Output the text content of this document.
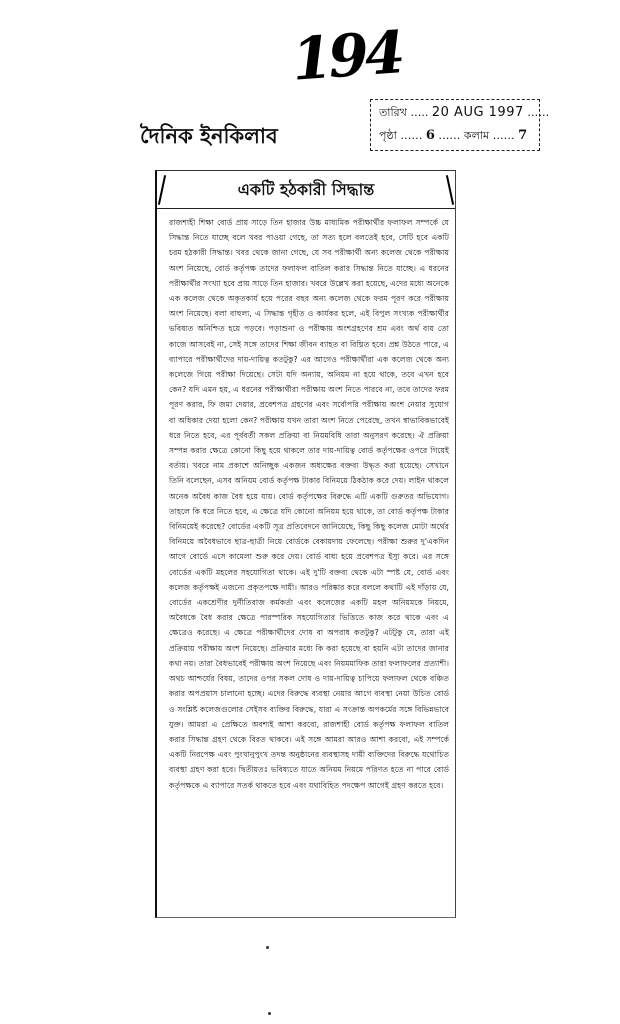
194
দৈনিক ইনকিলাব
তারিখ ….. 20 AUG 1997 ……
পৃষ্ঠা …… 6 …… কলাম …… 7
একটি হঠকারী সিদ্ধান্ত

রাজশাহী শিক্ষা বোর্ড প্রায় সাড়ে তিন হাজার উচ্চ মাধ্যমিক পরীক্ষার্থীর ফলাফল সম্পর্কে যে সিদ্ধান্ত নিতে যাচ্ছে বলে খবর পাওয়া গেছে, তা সত্য হলে বলতেই হবে, সেটি হবে একটি চরম হঠকারী সিদ্ধান্ত। খবর থেকে জানা গেছে, যে সব পরীক্ষার্থী অন্য কলেজ থেকে পরীক্ষায় অংশ নিয়েছে, বোর্ড কর্তৃপক্ষ তাদের ফলাফল বাতিল করার সিদ্ধান্ত নিতে যাচ্ছে। এ ধরনের পরীক্ষার্থীর সংখ্যা হবে প্রায় সাড়ে তিন হাজার। খবরে উল্লেখ করা হয়েছে, এদের মধ্যে অনেকে এক কলেজ থেকে অকৃতকার্য হয়ে পরের বছর অন্য কলেজ থেকে ফরম পূরণ করে পরীক্ষায় অংশ নিয়েছে। বলা বাহুল্য, এ সিদ্ধান্ত গৃহীত ও কার্যকর হলে, এই বিপুল সংখ্যক পরীক্ষার্থীর ভবিষ্যত অনিশ্চিত হয়ে পড়বে। পড়াশুনা ও পরীক্ষায় অংশগ্রহণের শ্রম এবং অর্থ ব্যয় তো কাজে আসবেই না, সেই সঙ্গে তাদের শিক্ষা জীবন ব্যাহত বা বিঘ্নিত হবে। প্রশ্ন উঠতে পারে, এ ব্যাপারে পরীক্ষার্থীদের দায়-দায়িত্ব কতটুকু? এর আগেও পরীক্ষার্থীরা এক কলেজ থেকে অন্য কলেজে গিয়ে পরীক্ষা দিয়েছে। সেটা যদি অন্যায়, অনিয়ম না হয়ে থাকে, তবে এখন হবে কেন? যদি এমন হয়, এ ধরনের পরীক্ষার্থীরা পরীক্ষায় অংশ নিতে পারবে না, তবে তাদের ফরম পূরণ করার, ফি জমা দেয়ার, প্রবেশপত্র গ্রহণের এবং সর্বোপরি পরীক্ষায় অংশ নেয়ার সুযোগ বা অধিকার দেয়া হলো কেন? পরীক্ষায় যখন তারা অংশ নিতে পেরেছে, তখন স্বাভাবিকভাবেই ধরে নিতে হবে, এর পূর্ববর্তী সকল প্রক্রিয়া বা নিয়মবিধি তারা অনুসরণ করেছে। ঐ প্রক্রিয়া সম্পন্ন করার ক্ষেত্রে কোনো কিছু হয়ে থাকলে তার দায়-দায়িত্ব বোর্ড কর্তৃপক্ষের ওপরে গিয়েই বর্তায়। খবরে নাম প্রকাশে অনিচ্ছুক একজন অধ্যক্ষের বক্তব্য উদ্ধৃত করা হয়েছে। সেখানে তিনি বলেছেন, এসব অনিয়ম বোর্ড কর্তৃপক্ষ টাকার বিনিময়ে ঠিকঠাক করে দেয়। লাইন থাকলে অনেক অবৈধ কাজ বৈধ হয়ে যায়। বোর্ড কর্তৃপক্ষের বিরুদ্ধে এটি একটি গুরুতর অভিযোগ। তাহলে কি ধরে নিতে হবে, এ ক্ষেত্রে যদি কোনো অনিয়ম হয়ে থাকে, তা বোর্ড কর্তৃপক্ষ টাকার বিনিময়েই করেছে? বোর্ডের একটি সূত্র প্রতিবেদনে জানিয়েছে, কিছু কিছু কলেজ মোটা অর্থের বিনিময়ে অবৈধভাবে ছাত্র-ছাত্রী নিয়ে বোর্ডকে বেকায়দায় ফেলেছে। পরীক্ষা শুরুর দু'একদিন আগে বোর্ডে এসে কামেলা শুরু করে দেয়। বোর্ড বাধ্য হয়ে প্রবেশপত্র ইস্যু করে। এর সঙ্গে বোর্ডের একটি মহলের সহযোগিতা থাকে। এই দু'টি বক্তব্য থেকে এটা স্পষ্ট যে, বোর্ড এবং কলেজ কর্তৃপক্ষই এজন্যে প্রকৃতপক্ষে দায়ী। আরও পরিষ্কার করে বললে কথাটি এই দাঁড়ায় যে, বোর্ডের একশ্রেণীর দুর্নীতিবাজ কর্মকর্তা এবং কলেজের একটি মহল অনিয়মকে নিয়মে, অবৈধকে বৈধ করার ক্ষেত্রে পারস্পরিক সহযোগিতার ভিত্তিতে কাজ করে থাকে এবং এ ক্ষেত্রেও করেছে। এ ক্ষেত্রে পরীক্ষার্থীদের দোষ বা অপরাধ কতটুকু? এটটুকু যে, তারা এই প্রক্রিয়ায় পরীক্ষায় অংশ নিয়েছে। প্রক্রিয়ার মধ্যে কি করা হয়েছে বা হয়নি এটা তাদের জানার কথা নয়। তারা বৈধভাবেই পরীক্ষায় অংশ নিয়েছে এবং নিয়মমাফিক তারা ফলাফলের প্রত্যাশী। অথচ আশ্চর্যের বিষয়, তাদের ওপর সকল দোষ ও দায়-দায়িত্ব চাপিয়ে ফলাফল থেকে বঞ্চিত করার অপপ্রয়াস চালানো হচ্ছে। এদের বিরুদ্ধে ব্যবস্থা নেয়ার আগে ব্যবস্থা নেয়া উচিত বোর্ড ও সংশ্লিষ্ট কলেজগুলোর সেইসব ব্যক্তির বিরুদ্ধে, যারা এ সংক্রান্ত অপকর্মের সঙ্গে বিভিন্নভাবে যুক্ত। আমরা এ প্রেক্ষিতে অবশ্যই আশা করবো, রাজশাহী বোর্ড কর্তৃপক্ষ ফলাফল বাতিল করার সিদ্ধান্ত গ্রহণ থেকে বিরত থাকবে। এই সঙ্গে আমরা আরও আশা করবো, এই সম্পর্কে একটি নিরপেক্ষ এবং পুংখানুপুংখ তদন্ত অনুষ্ঠানের ব্যবস্থাসহ দায়ী ব্যক্তিদের বিরুদ্ধে যথোচিত ব্যবস্থা গ্রহণ করা হবে। দ্বিতীয়তঃ ভবিষ্যতে যাতে অনিয়ম নিয়মে পরিণত হতে না পারে বোর্ড কর্তৃপক্ষকে এ ব্যাপারে সতর্ক থাকতে হবে এবং যথাবিহিত পদক্ষেপ আগেই গ্রহণ করতে হবে।
